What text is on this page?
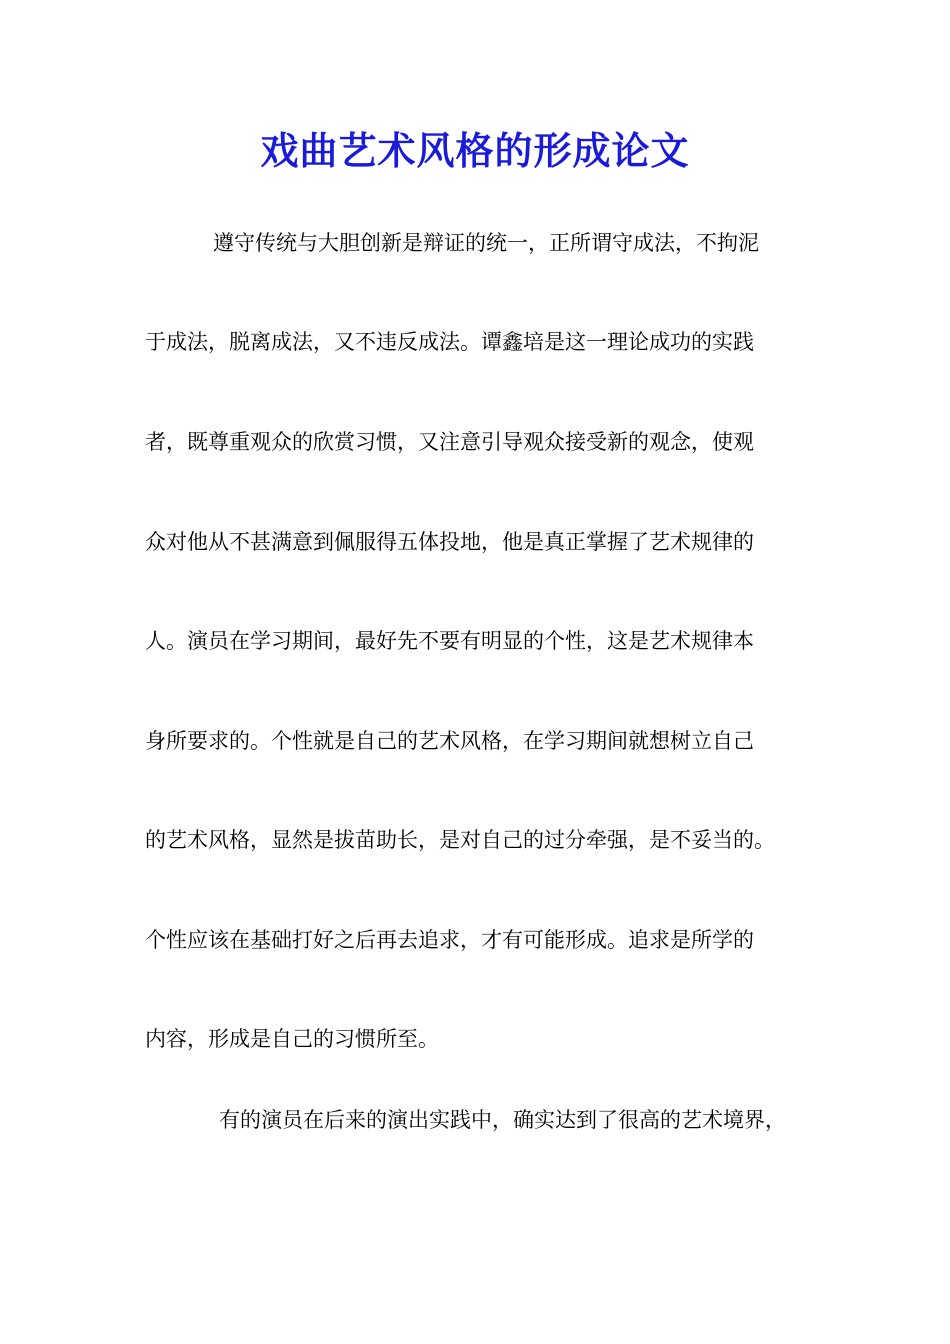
戏曲艺术风格的形成论文
遵守传统与大胆创新是辩证的统一，正所谓守成法，不拘泥
于成法，脱离成法，又不违反成法。谭鑫培是这一理论成功的实践
者，既尊重观众的欣赏习惯，又注意引导观众接受新的观念，使观
众对他从不甚满意到佩服得五体投地，他是真正掌握了艺术规律的
人。演员在学习期间，最好先不要有明显的个性，这是艺术规律本
身所要求的。个性就是自己的艺术风格，在学习期间就想树立自己
的艺术风格，显然是拔苗助长，是对自己的过分牵强，是不妥当的。
个性应该在基础打好之后再去追求，才有可能形成。追求是所学的
内容，形成是自己的习惯所至。
有的演员在后来的演出实践中，确实达到了很高的艺术境界，
